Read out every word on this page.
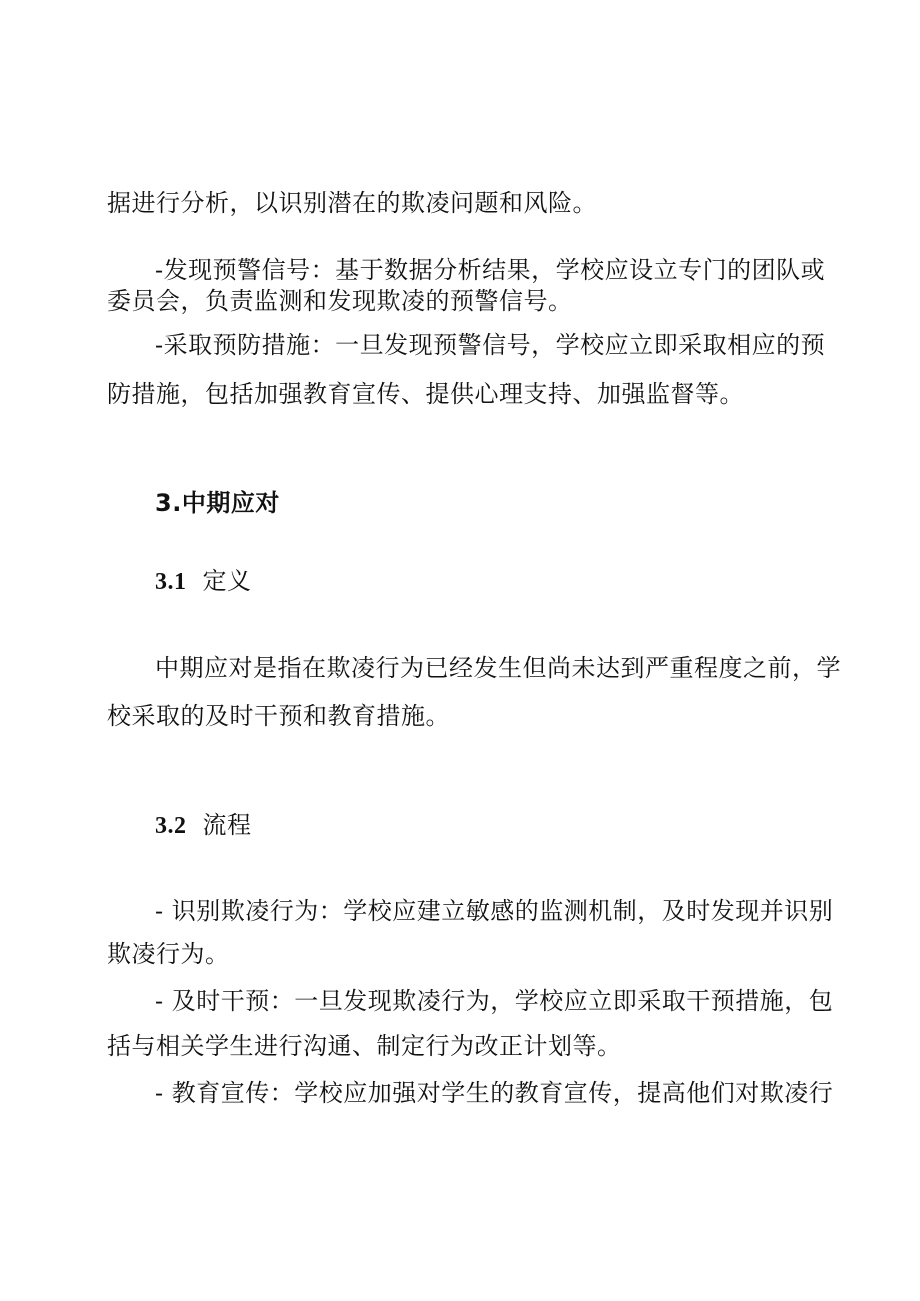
据进行分析，以识别潜在的欺凌问题和风险。
-发现预警信号：基于数据分析结果，学校应设立专门的团队或
委员会，负责监测和发现欺凌的预警信号。
-采取预防措施：一旦发现预警信号，学校应立即采取相应的预
防措施，包括加强教育宣传、提供心理支持、加强监督等。
3.中期应对
3.1 定义
中期应对是指在欺凌行为已经发生但尚未达到严重程度之前，学
校采取的及时干预和教育措施。
3.2 流程
- 识别欺凌行为：学校应建立敏感的监测机制，及时发现并识别
欺凌行为。
- 及时干预：一旦发现欺凌行为，学校应立即采取干预措施，包
括与相关学生进行沟通、制定行为改正计划等。
- 教育宣传：学校应加强对学生的教育宣传，提高他们对欺凌行
